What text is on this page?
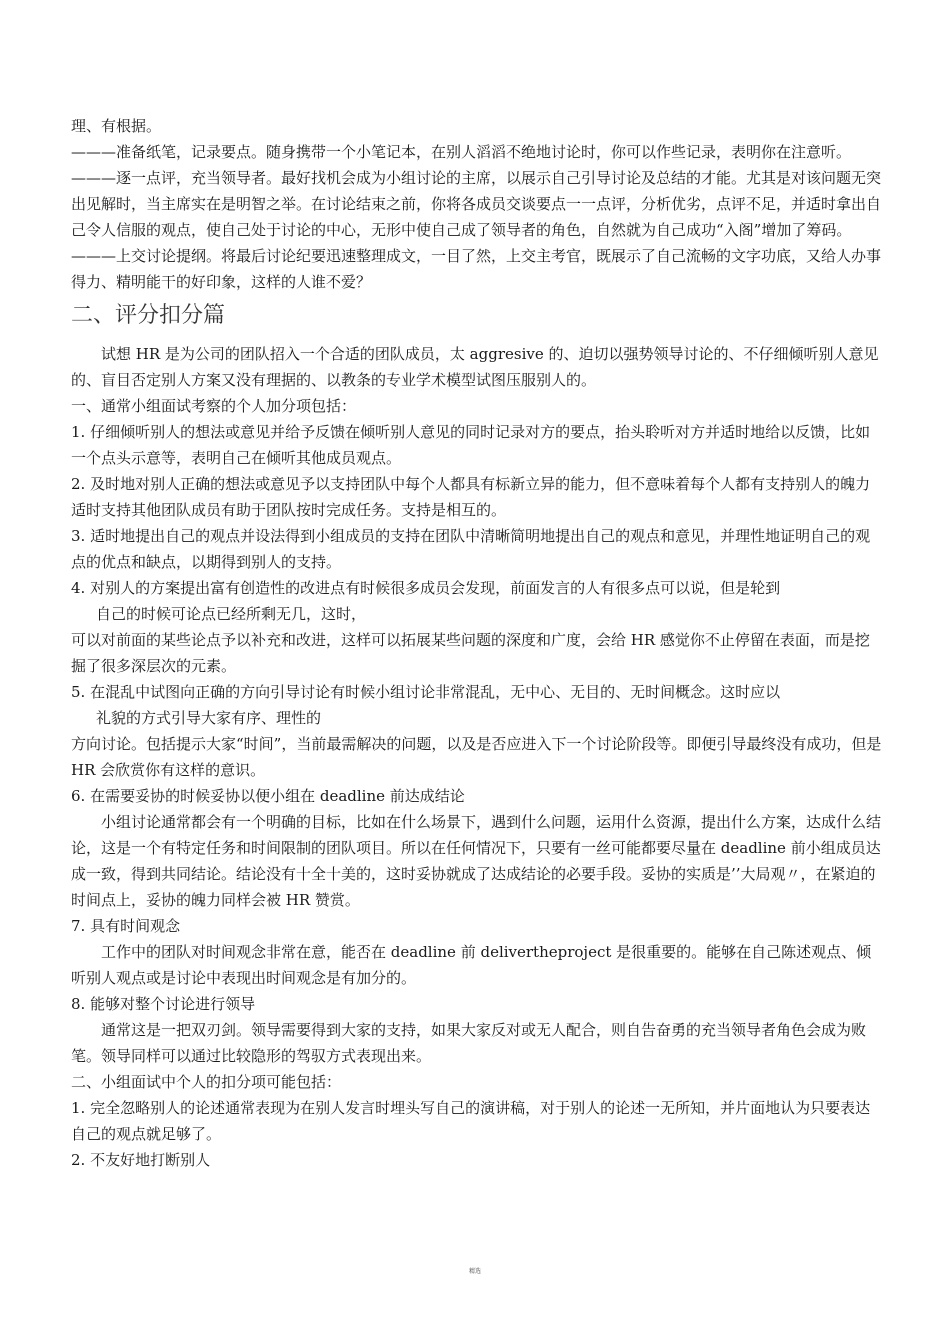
理、有根据。

———准备纸笔，记录要点。随身携带一个小笔记本，在别人滔滔不绝地讨论时，你可以作些记录，表明你在注意听。

———逐一点评，充当领导者。最好找机会成为小组讨论的主席，以展示自己引导讨论及总结的才能。尤其是对该问题无突出见解时，当主席实在是明智之举。在讨论结束之前，你将各成员交谈要点一一点评，分析优劣，点评不足，并适时拿出自己令人信服的观点，使自己处于讨论的中心，无形中使自己成了领导者的角色，自然就为自己成功“入阁”增加了筹码。

———上交讨论提纲。将最后讨论纪要迅速整理成文，一目了然，上交主考官，既展示了自己流畅的文字功底，又给人办事得力、精明能干的好印象，这样的人谁不爱？

二、评分扣分篇

试想 HR 是为公司的团队招入一个合适的团队成员，太 aggresive 的、迫切以强势领导讨论的、不仔细倾听别人意见的、盲目否定别人方案又没有理据的、以教条的专业学术模型试图压服别人的。

一、通常小组面试考察的个人加分项包括：

1. 仔细倾听别人的想法或意见并给予反馈在倾听别人意见的同时记录对方的要点，抬头聆听对方并适时地给以反馈，比如一个点头示意等，表明自己在倾听其他成员观点。

2. 及时地对别人正确的想法或意见予以支持团队中每个人都具有标新立异的能力，但不意味着每个人都有支持别人的魄力适时支持其他团队成员有助于团队按时完成任务。支持是相互的。

3. 适时地提出自己的观点并设法得到小组成员的支持在团队中清晰简明地提出自己的观点和意见，并理性地证明自己的观点的优点和缺点，以期得到别人的支持。

4. 对别人的方案提出富有创造性的改进点有时候很多成员会发现，前面发言的人有很多点可以说，但是轮到

自己的时候可论点已经所剩无几，这时，

可以对前面的某些论点予以补充和改进，这样可以拓展某些问题的深度和广度，会给 HR 感觉你不止停留在表面，而是挖掘了很多深层次的元素。

5. 在混乱中试图向正确的方向引导讨论有时候小组讨论非常混乱，无中心、无目的、无时间概念。这时应以

礼貌的方式引导大家有序、理性的

方向讨论。包括提示大家“时间”，当前最需解决的问题，以及是否应进入下一个讨论阶段等。即便引导最终没有成功，但是 HR 会欣赏你有这样的意识。

6. 在需要妥协的时候妥协以便小组在 deadline 前达成结论

小组讨论通常都会有一个明确的目标，比如在什么场景下，遇到什么问题，运用什么资源，提出什么方案，达成什么结论，这是一个有特定任务和时间限制的团队项目。所以在任何情况下，只要有一丝可能都要尽量在 deadline 前小组成员达成一致，得到共同结论。结论没有十全十美的，这时妥协就成了达成结论的必要手段。妥协的实质是’’大局观〃，在紧迫的时间点上，妥协的魄力同样会被 HR 赞赏。

7. 具有时间观念

工作中的团队对时间观念非常在意，能否在 deadline 前 delivertheproject 是很重要的。能够在自己陈述观点、倾听别人观点或是讨论中表现出时间观念是有加分的。

8. 能够对整个讨论进行领导

通常这是一把双刃剑。领导需要得到大家的支持，如果大家反对或无人配合，则自告奋勇的充当领导者角色会成为败笔。领导同样可以通过比较隐形的驾驭方式表现出来。

二、小组面试中个人的扣分项可能包括：

1. 完全忽略别人的论述通常表现为在别人发言时埋头写自己的演讲稿，对于别人的论述一无所知，并片面地认为只要表达自己的观点就足够了。

2. 不友好地打断别人

精选
